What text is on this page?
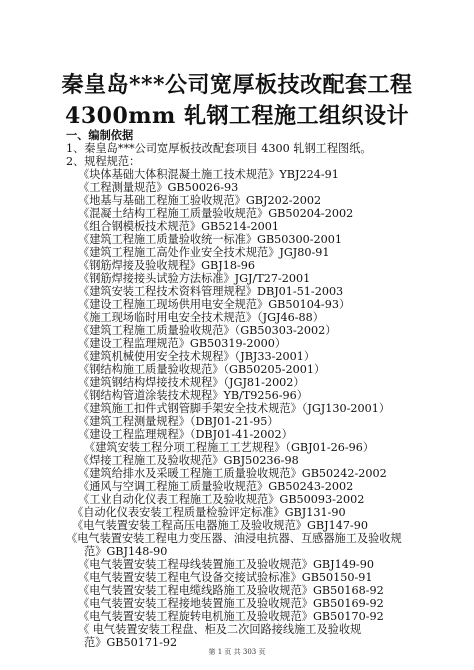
秦皇岛***公司宽厚板技改配套工程
4300mm 轧钢工程施工组织设计
一、编制依据
1、秦皇岛***公司宽厚板技改配套项目 4300 轧钢工程图纸。
2、规程规范：
《块体基础大体积混凝土施工技术规范》YBJ224-91
《工程测量规范》GB50026-93
《地基与基础工程施工验收规范》GBJ202-2002
《混凝土结构工程施工质量验收规范》GB50204-2002
《组合钢模板技术规范》GB5214-2001
《建筑工程施工质量验收统一标准》GB50300-2001
《建筑工程施工高处作业安全技术规范》JGJ80-91
《钢筋焊接及验收规程》GBJ18-96
《钢筋焊接接头试验方法标准》JGJ/T27-2001
《建筑安装工程技术资料管理规程》DBJ01-51-2003
《建设工程施工现场供用电安全规范》GB50104-93）
《施工现场临时用电安全技术规范》（JGJ46-88）
《建筑工程施工质量验收规范》（GB50303-2002）
《建设工程监理规范》GB50319-2000）
《建筑机械使用安全技术规程》（JBJ33-2001）
《钢结构施工质量验收规范》（GB50205-2001）
《建筑钢结构焊接技术规程》（JGJ81-2002）
《钢结构管道涂装技术规程》YB/T9256-96）
《建筑施工扣件式钢管脚手架安全技术规范》（JGJ130-2001）
《建筑工程测量规程》（DBJ01-21-95）
《建设工程监理规程》（DBJ01-41-2002）
《建筑安装工程分项工程施工工艺规程》（GBJ01-26-96）
《焊接工程施工及验收规范》GBJ50236-98
《建筑给排水及采暖工程施工质量验收规范》GB50242-2002
《通风与空调工程施工质量验收规范》GB50243-2002
《工业自动化仪表工程施工及验收规范》GB50093-2002
《自动化仪表安装工程质量检验评定标准》GBJ131-90
《电气装置安装工程高压电器施工及验收规范》GBJ147-90
《电气装置安装工程电力变压器、油浸电抗器、互感器施工及验收规
范》GBJ148-90
《电气装置安装工程母线装置施工及验收规范》GBJ149-90
《电气装置安装工程电气设备交接试验标准》GB50150-91
《电气装置安装工程电缆线路施工及验收规范》GB50168-92
《电气装置安装工程接地装置施工及验收规范》GB50169-92
《电气装置安装工程旋转电机施工及验收规范》GB50170-92
《 电气装置安装工程盘、柜及二次回路接线施工及验收规
范》GB50171-92
第 1 页 共 303 页
